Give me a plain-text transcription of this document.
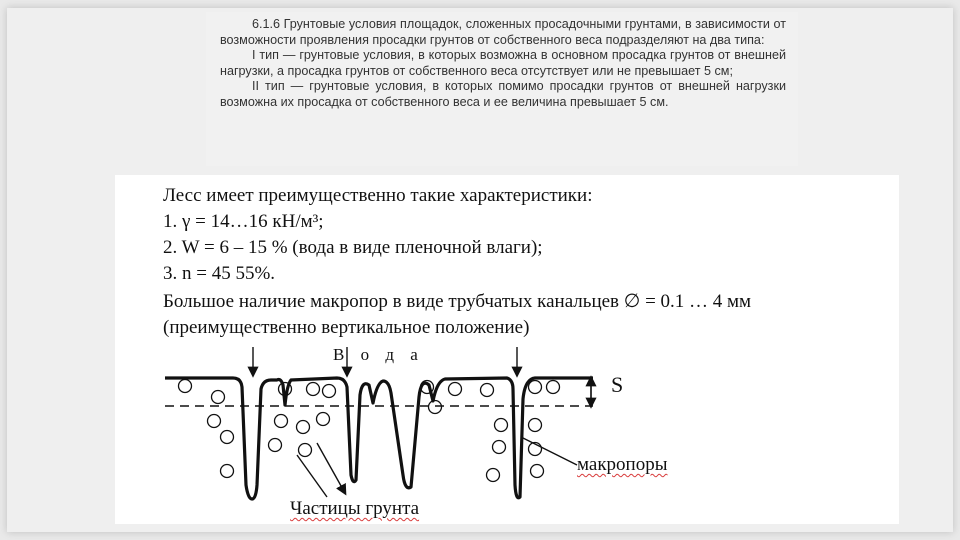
6.1.6 Грунтовые условия площадок, сложенных просадочными грунтами, в зависимости от возможности проявления просадки грунтов от собственного веса подразделяют на два типа:

I тип — грунтовые условия, в которых возможна в основном просадка грунтов от внешней нагрузки, а просадка грунтов от собственного веса отсутствует или не превышает 5 см;

II тип — грунтовые условия, в которых помимо просадки грунтов от внешней нагрузки возможна их просадка от собственного веса и ее величина превышает 5 см.

Лесс имеет преимущественно такие характеристики:
1. γ = 14…16 кН/м³;
2. W = 6 – 15 % (вода в виде пленочной влаги);
3. n = 45 55%.
Большое наличие макропор в виде трубчатых канальцев ∅ = 0.1 … 4 мм
(преимущественно вертикальное положение)
В о д а
S
макропоры
Частицы грунта
